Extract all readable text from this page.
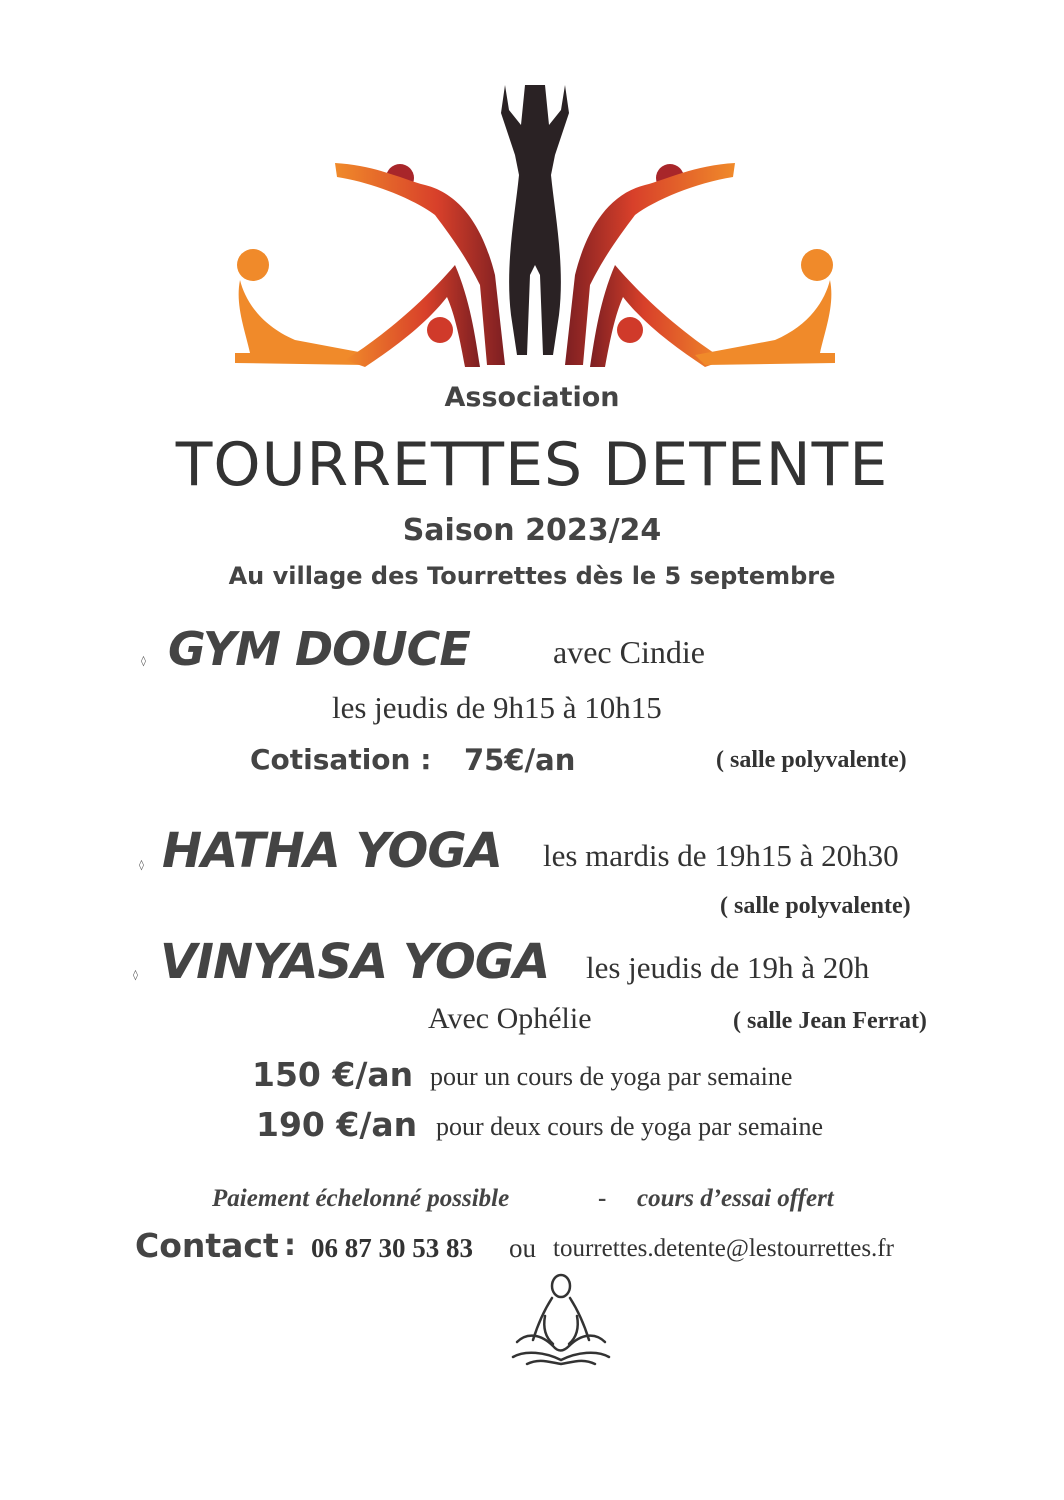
Association
TOURRETTES DETENTE
Saison 2023/24
Au village des Tourrettes dès le 5 septembre
◊ GYM DOUCE	avec Cindie
les jeudis de 9h15 à 10h15
Cotisation : 75€/an	( salle polyvalente)
◊ HATHA YOGA les mardis de 19h15 à 20h30
( salle polyvalente)
◊ VINYASA YOGA les jeudis de 19h à 20h
Avec Ophélie	( salle Jean Ferrat)
150 €/an pour un cours de yoga par semaine
190 €/an pour deux cours de yoga par semaine
Paiement échelonné possible	- cours d’essai offert
Contact : 06 87 30 53 83 ou tourrettes.detente@lestourrettes.fr
